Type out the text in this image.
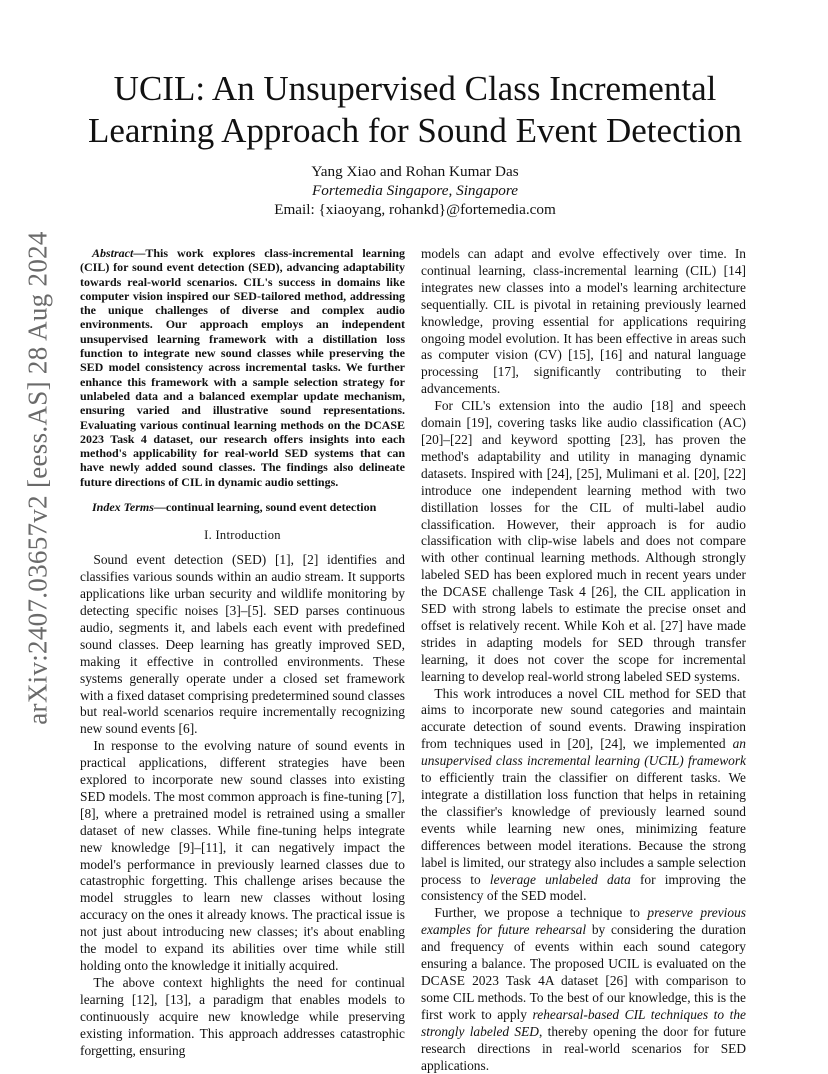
arXiv:2407.03657v2 [eess.AS] 28 Aug 2024
UCIL: An Unsupervised Class Incremental
Learning Approach for Sound Event Detection
Yang Xiao and Rohan Kumar Das
Fortemedia Singapore, Singapore
Email: {xiaoyang, rohankd}@fortemedia.com

Abstract—This work explores class-incremental learning (CIL) for sound event detection (SED), advancing adaptability towards real-world scenarios. CIL's success in domains like computer vision inspired our SED-tailored method, addressing the unique challenges of diverse and complex audio environments. Our approach employs an independent unsupervised learning framework with a distillation loss function to integrate new sound classes while preserving the SED model consistency across incremental tasks. We further enhance this framework with a sample selection strategy for unlabeled data and a balanced exemplar update mechanism, ensuring varied and illustrative sound representations. Evaluating various continual learning methods on the DCASE 2023 Task 4 dataset, our research offers insights into each method's applicability for real-world SED systems that can have newly added sound classes. The findings also delineate future directions of CIL in dynamic audio settings.

Index Terms—continual learning, sound event detection

I. Introduction

Sound event detection (SED) [1], [2] identifies and classifies various sounds within an audio stream. It supports applications like urban security and wildlife monitoring by detecting specific noises [3]–[5]. SED parses continuous audio, segments it, and labels each event with predefined sound classes. Deep learning has greatly improved SED, making it effective in controlled environments. These systems generally operate under a closed set framework with a fixed dataset comprising predetermined sound classes but real-world scenarios require incrementally recognizing new sound events [6].

In response to the evolving nature of sound events in practical applications, different strategies have been explored to incorporate new sound classes into existing SED models. The most common approach is fine-tuning [7], [8], where a pretrained model is retrained using a smaller dataset of new classes. While fine-tuning helps integrate new knowledge [9]–[11], it can negatively impact the model's performance in previously learned classes due to catastrophic forgetting. This challenge arises because the model struggles to learn new classes without losing accuracy on the ones it already knows. The practical issue is not just about introducing new classes; it's about enabling the model to expand its abilities over time while still holding onto the knowledge it initially acquired.

The above context highlights the need for continual learning [12], [13], a paradigm that enables models to continuously acquire new knowledge while preserving existing information. This approach addresses catastrophic forgetting, ensuring

models can adapt and evolve effectively over time. In continual learning, class-incremental learning (CIL) [14] integrates new classes into a model's learning architecture sequentially. CIL is pivotal in retaining previously learned knowledge, proving essential for applications requiring ongoing model evolution. It has been effective in areas such as computer vision (CV) [15], [16] and natural language processing [17], significantly contributing to their advancements.

For CIL's extension into the audio [18] and speech domain [19], covering tasks like audio classification (AC) [20]–[22] and keyword spotting [23], has proven the method's adaptability and utility in managing dynamic datasets. Inspired with [24], [25], Mulimani et al. [20], [22] introduce one independent learning method with two distillation losses for the CIL of multi-label audio classification. However, their approach is for audio classification with clip-wise labels and does not compare with other continual learning methods. Although strongly labeled SED has been explored much in recent years under the DCASE challenge Task 4 [26], the CIL application in SED with strong labels to estimate the precise onset and offset is relatively recent. While Koh et al. [27] have made strides in adapting models for SED through transfer learning, it does not cover the scope for incremental learning to develop real-world strong labeled SED systems.

This work introduces a novel CIL method for SED that aims to incorporate new sound categories and maintain accurate detection of sound events. Drawing inspiration from techniques used in [20], [24], we implemented an unsupervised class incremental learning (UCIL) framework to efficiently train the classifier on different tasks. We integrate a distillation loss function that helps in retaining the classifier's knowledge of previously learned sound events while learning new ones, minimizing feature differences between model iterations. Because the strong label is limited, our strategy also includes a sample selection process to leverage unlabeled data for improving the consistency of the SED model.

Further, we propose a technique to preserve previous examples for future rehearsal by considering the duration and frequency of events within each sound category ensuring a balance. The proposed UCIL is evaluated on the DCASE 2023 Task 4A dataset [26] with comparison to some CIL methods. To the best of our knowledge, this is the first work to apply rehearsal-based CIL techniques to the strongly labeled SED, thereby opening the door for future research directions in real-world scenarios for SED applications.
